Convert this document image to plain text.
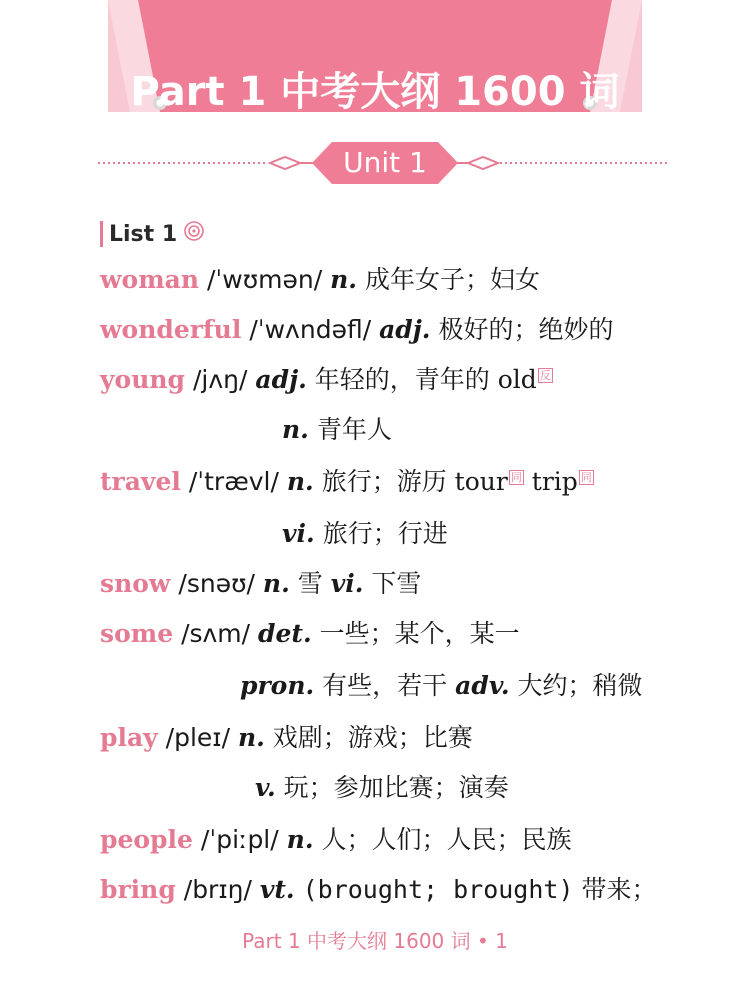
Part 1 中考大纲 1600 词
Unit 1
List 1
woman /ˈwʊmən/ n. 成年女子；妇女
wonderful /ˈwʌndəfl/ adj. 极好的；绝妙的
young /jʌŋ/ adj. 年轻的，青年的 old 反
n. 青年人
travel /ˈtrævl/ n. 旅行；游历 tour 同 trip 同
vi. 旅行；行进
snow /snəʊ/ n. 雪 vi. 下雪
some /sʌm/ det. 一些；某个，某一
pron. 有些，若干 adv. 大约；稍微
play /pleɪ/ n. 戏剧；游戏；比赛
v. 玩；参加比赛；演奏
people /ˈpiːpl/ n. 人；人们；人民；民族
bring /brɪŋ/ vt. (brought; brought) 带来；
Part 1 中考大纲 1600 词 • 1
